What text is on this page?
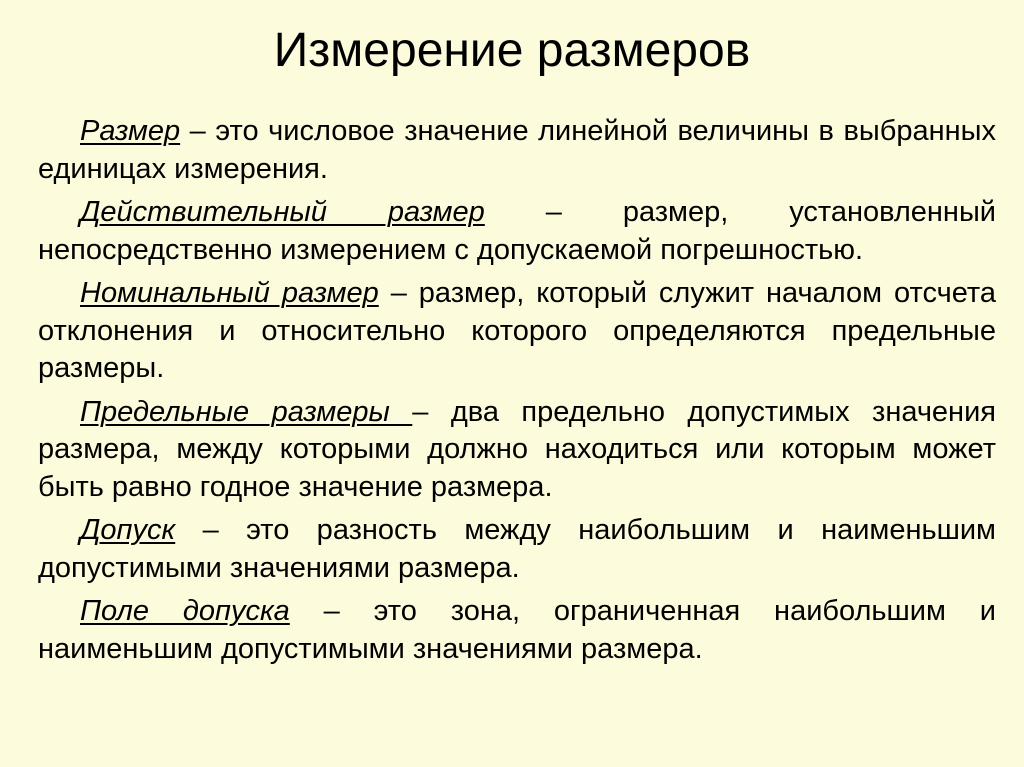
Измерение размеров

Размер – это числовое значение линейной величины в выбранных единицах измерения.

Действительный размер – размер, установленный непосредственно измерением с допускаемой погрешностью.

Номинальный размер – размер, который служит началом отсчета отклонения и относительно которого определяются предельные размеры.

Предельные размеры – два предельно допустимых значения размера, между которыми должно находиться или которым может быть равно годное значение размера.

Допуск – это разность между наибольшим и наименьшим допустимыми значениями размера.

Поле допуска – это зона, ограниченная наибольшим и наименьшим допустимыми значениями размера.
